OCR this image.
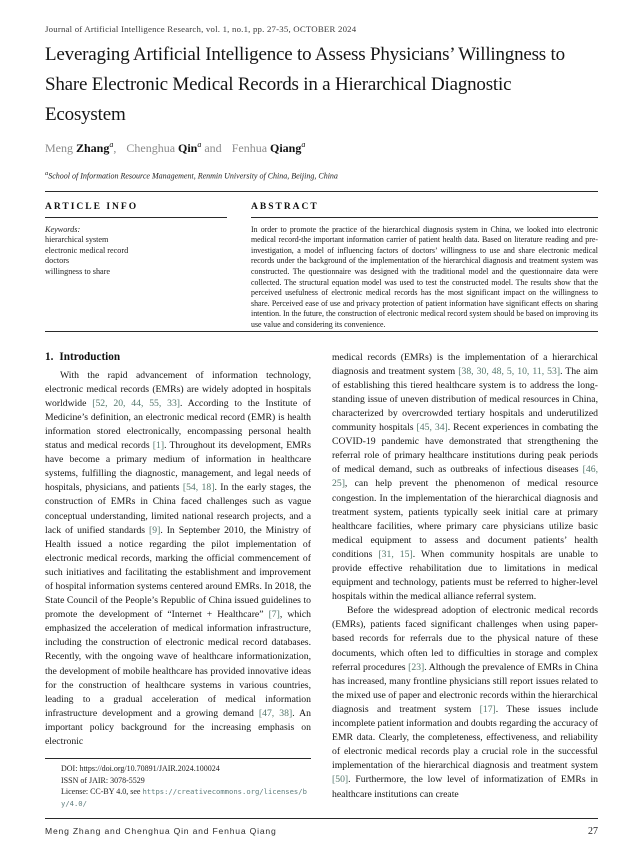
Journal of Artificial Intelligence Research, vol. 1, no.1, pp. 27-35, OCTOBER 2024
Leveraging Artificial Intelligence to Assess Physicians’ Willingness to
Share Electronic Medical Records in a Hierarchical Diagnostic
Ecosystem
Meng Zhang$^a$, Chenghua Qin$^a$ and Fenhua Qiang$^a$
$^a$School of Information Resource Management, Renmin University of China, Beijing, China
ARTICLE INFO
Keywords:
hierarchical system
electronic medical record
doctors
willingness to share
ABSTRACT
In order to promote the practice of the hierarchical diagnosis system in China, we looked into electronic medical record-the important information carrier of patient health data. Based on literature reading and pre-investigation, a model of influencing factors of doctors’ willingness to use and share electronic medical records under the background of the implementation of the hierarchical diagnosis and treatment system was constructed. The questionnaire was designed with the traditional model and the questionnaire data were collected. The structural equation model was used to test the constructed model. The results show that the perceived usefulness of electronic medical records has the most significant impact on the willingness to share. Perceived ease of use and privacy protection of patient information have significant effects on sharing intention. In the future, the construction of electronic medical record system should be based on improving its use value and considering its convenience.
1. Introduction
With the rapid advancement of information technology, electronic medical records (EMRs) are widely adopted in hospitals worldwide [52, 20, 44, 55, 33]. According to the Institute of Medicine’s definition, an electronic medical record (EMR) is health information stored electronically, encompassing personal health status and medical records [1]. Throughout its development, EMRs have become a primary medium of information in healthcare systems, fulfilling the diagnostic, management, and legal needs of hospitals, physicians, and patients [54, 18]. In the early stages, the construction of EMRs in China faced challenges such as vague conceptual understanding, limited national research projects, and a lack of unified standards [9]. In September 2010, the Ministry of Health issued a notice regarding the pilot implementation of electronic medical records, marking the official commencement of such initiatives and facilitating the establishment and improvement of hospital information systems centered around EMRs. In 2018, the State Council of the People’s Republic of China issued guidelines to promote the development of “Internet + Healthcare” [7], which emphasized the acceleration of medical information infrastructure, including the construction of electronic medical record databases. Recently, with the ongoing wave of healthcare informationization, the development of mobile healthcare has provided innovative ideas for the construction of healthcare systems in various countries, leading to a gradual acceleration of medical information infrastructure development and a growing demand [47, 38]. An important policy background for the increasing emphasis on electronic
DOI: https://doi.org/10.70891/JAIR.2024.100024
ISSN of JAIR: 3078-5529
License: CC-BY 4.0, see https://creativecommons.org/licenses/by/4.0/
medical records (EMRs) is the implementation of a hierarchical diagnosis and treatment system [38, 30, 48, 5, 10, 11, 53]. The aim of establishing this tiered healthcare system is to address the long-standing issue of uneven distribution of medical resources in China, characterized by overcrowded tertiary hospitals and underutilized community hospitals [45, 34]. Recent experiences in combating the COVID-19 pandemic have demonstrated that strengthening the referral role of primary healthcare institutions during peak periods of medical demand, such as outbreaks of infectious diseases [46, 25], can help prevent the phenomenon of medical resource congestion. In the implementation of the hierarchical diagnosis and treatment system, patients typically seek initial care at primary healthcare facilities, where primary care physicians utilize basic medical equipment to assess and document patients’ health conditions [31, 15]. When community hospitals are unable to provide effective rehabilitation due to limitations in medical equipment and technology, patients must be referred to higher-level hospitals within the medical alliance referral system.
Before the widespread adoption of electronic medical records (EMRs), patients faced significant challenges when using paper-based records for referrals due to the physical nature of these documents, which often led to difficulties in storage and complex referral procedures [23]. Although the prevalence of EMRs in China has increased, many frontline physicians still report issues related to the mixed use of paper and electronic records within the hierarchical diagnosis and treatment system [17]. These issues include incomplete patient information and doubts regarding the accuracy of EMR data. Clearly, the completeness, effectiveness, and reliability of electronic medical records play a crucial role in the successful implementation of the hierarchical diagnosis and treatment system [50]. Furthermore, the low level of informatization of EMRs in healthcare institutions can create
Meng Zhang and Chenghua Qin and Fenhua Qiang	27
